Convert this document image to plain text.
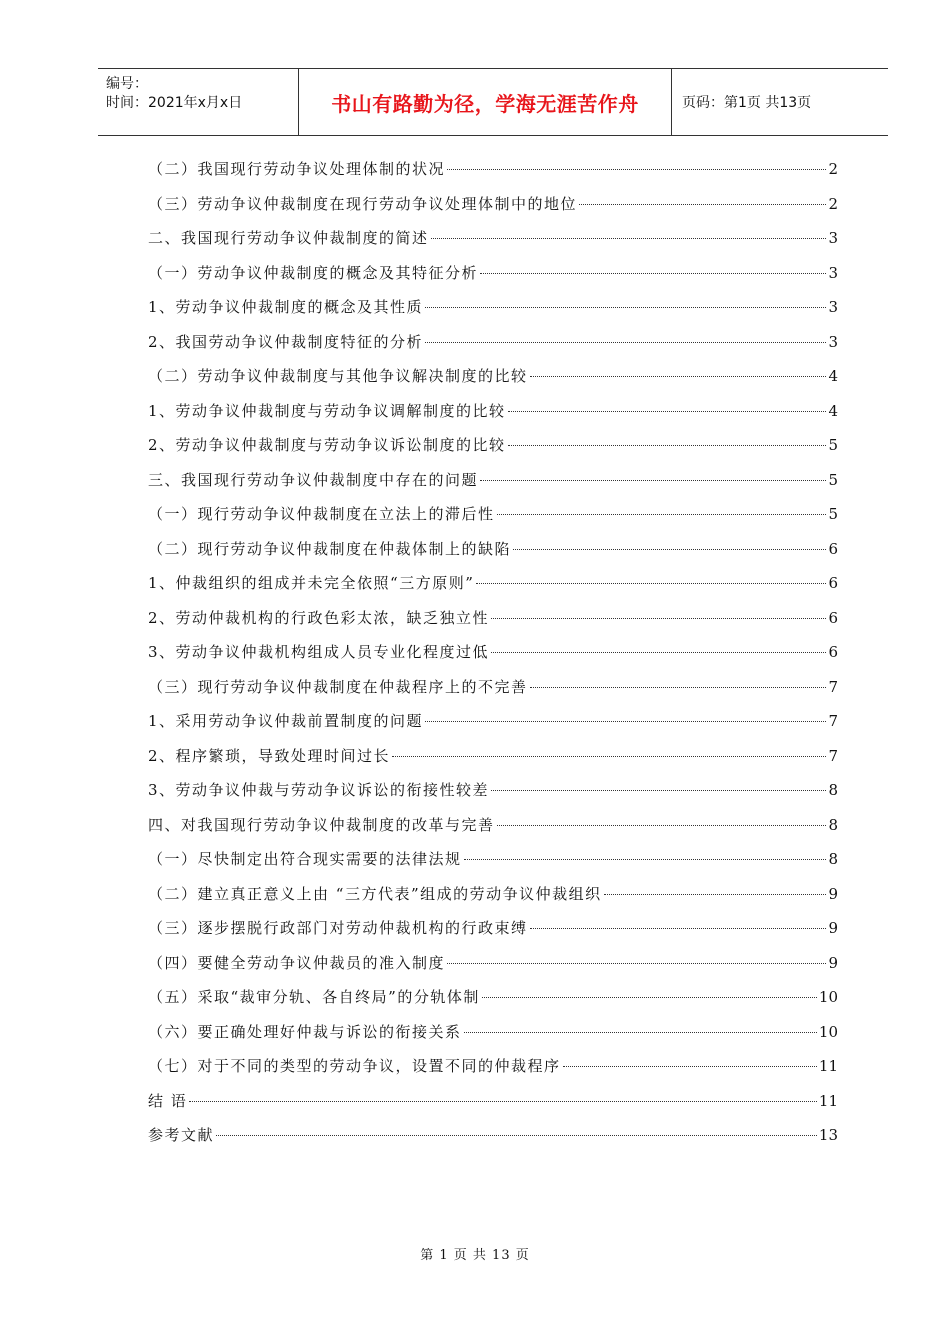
编号：
时间：2021年x月x日	书山有路勤为径，学海无涯苦作舟	页码：第1页 共13页
（二）我国现行劳动争议处理体制的状况	2
（三）劳动争议仲裁制度在现行劳动争议处理体制中的地位	2
二、我国现行劳动争议仲裁制度的简述	3
（一）劳动争议仲裁制度的概念及其特征分析	3
1、劳动争议仲裁制度的概念及其性质	3
2、我国劳动争议仲裁制度特征的分析	3
（二）劳动争议仲裁制度与其他争议解决制度的比较	4
1、劳动争议仲裁制度与劳动争议调解制度的比较	4
2、劳动争议仲裁制度与劳动争议诉讼制度的比较	5
三、我国现行劳动争议仲裁制度中存在的问题	5
（一）现行劳动争议仲裁制度在立法上的滞后性	5
（二）现行劳动争议仲裁制度在仲裁体制上的缺陷	6
1、仲裁组织的组成并未完全依照“三方原则”	6
2、劳动仲裁机构的行政色彩太浓，缺乏独立性	6
3、劳动争议仲裁机构组成人员专业化程度过低	6
（三）现行劳动争议仲裁制度在仲裁程序上的不完善	7
1、采用劳动争议仲裁前置制度的问题	7
2、程序繁琐，导致处理时间过长	7
3、劳动争议仲裁与劳动争议诉讼的衔接性较差	8
四、对我国现行劳动争议仲裁制度的改革与完善	8
（一）尽快制定出符合现实需要的法律法规	8
（二）建立真正意义上由 “三方代表”组成的劳动争议仲裁组织	9
（三）逐步摆脱行政部门对劳动仲裁机构的行政束缚	9
（四）要健全劳动争议仲裁员的准入制度	9
（五）采取“裁审分轨、各自终局”的分轨体制	10
（六）要正确处理好仲裁与诉讼的衔接关系	10
（七）对于不同的类型的劳动争议，设置不同的仲裁程序	11
结 语	11
参考文献	13
第 1 页 共 13 页
